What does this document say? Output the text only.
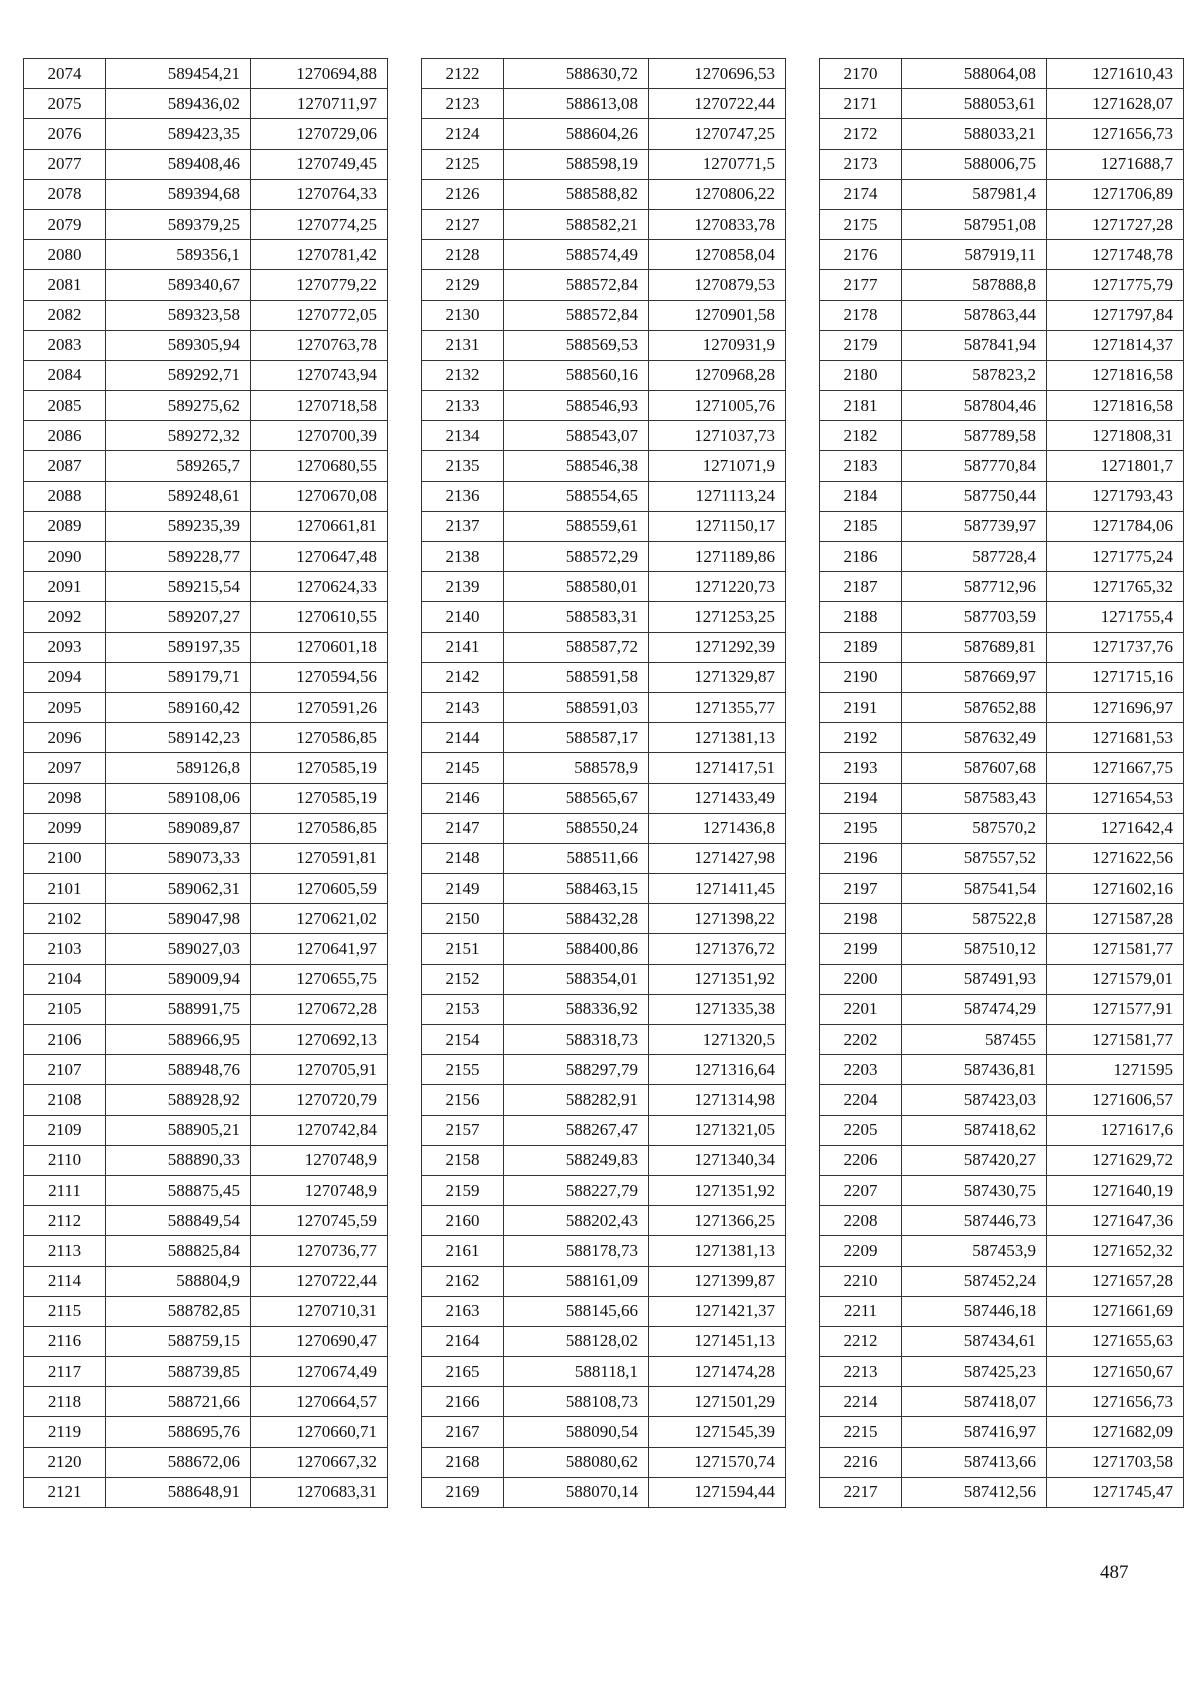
2074	589454,21	1270694,88
2075	589436,02	1270711,97
2076	589423,35	1270729,06
2077	589408,46	1270749,45
2078	589394,68	1270764,33
2079	589379,25	1270774,25
2080	589356,1	1270781,42
2081	589340,67	1270779,22
2082	589323,58	1270772,05
2083	589305,94	1270763,78
2084	589292,71	1270743,94
2085	589275,62	1270718,58
2086	589272,32	1270700,39
2087	589265,7	1270680,55
2088	589248,61	1270670,08
2089	589235,39	1270661,81
2090	589228,77	1270647,48
2091	589215,54	1270624,33
2092	589207,27	1270610,55
2093	589197,35	1270601,18
2094	589179,71	1270594,56
2095	589160,42	1270591,26
2096	589142,23	1270586,85
2097	589126,8	1270585,19
2098	589108,06	1270585,19
2099	589089,87	1270586,85
2100	589073,33	1270591,81
2101	589062,31	1270605,59
2102	589047,98	1270621,02
2103	589027,03	1270641,97
2104	589009,94	1270655,75
2105	588991,75	1270672,28
2106	588966,95	1270692,13
2107	588948,76	1270705,91
2108	588928,92	1270720,79
2109	588905,21	1270742,84
2110	588890,33	1270748,9
2111	588875,45	1270748,9
2112	588849,54	1270745,59
2113	588825,84	1270736,77
2114	588804,9	1270722,44
2115	588782,85	1270710,31
2116	588759,15	1270690,47
2117	588739,85	1270674,49
2118	588721,66	1270664,57
2119	588695,76	1270660,71
2120	588672,06	1270667,32
2121	588648,91	1270683,31
2122	588630,72	1270696,53
2123	588613,08	1270722,44
2124	588604,26	1270747,25
2125	588598,19	1270771,5
2126	588588,82	1270806,22
2127	588582,21	1270833,78
2128	588574,49	1270858,04
2129	588572,84	1270879,53
2130	588572,84	1270901,58
2131	588569,53	1270931,9
2132	588560,16	1270968,28
2133	588546,93	1271005,76
2134	588543,07	1271037,73
2135	588546,38	1271071,9
2136	588554,65	1271113,24
2137	588559,61	1271150,17
2138	588572,29	1271189,86
2139	588580,01	1271220,73
2140	588583,31	1271253,25
2141	588587,72	1271292,39
2142	588591,58	1271329,87
2143	588591,03	1271355,77
2144	588587,17	1271381,13
2145	588578,9	1271417,51
2146	588565,67	1271433,49
2147	588550,24	1271436,8
2148	588511,66	1271427,98
2149	588463,15	1271411,45
2150	588432,28	1271398,22
2151	588400,86	1271376,72
2152	588354,01	1271351,92
2153	588336,92	1271335,38
2154	588318,73	1271320,5
2155	588297,79	1271316,64
2156	588282,91	1271314,98
2157	588267,47	1271321,05
2158	588249,83	1271340,34
2159	588227,79	1271351,92
2160	588202,43	1271366,25
2161	588178,73	1271381,13
2162	588161,09	1271399,87
2163	588145,66	1271421,37
2164	588128,02	1271451,13
2165	588118,1	1271474,28
2166	588108,73	1271501,29
2167	588090,54	1271545,39
2168	588080,62	1271570,74
2169	588070,14	1271594,44
2170	588064,08	1271610,43
2171	588053,61	1271628,07
2172	588033,21	1271656,73
2173	588006,75	1271688,7
2174	587981,4	1271706,89
2175	587951,08	1271727,28
2176	587919,11	1271748,78
2177	587888,8	1271775,79
2178	587863,44	1271797,84
2179	587841,94	1271814,37
2180	587823,2	1271816,58
2181	587804,46	1271816,58
2182	587789,58	1271808,31
2183	587770,84	1271801,7
2184	587750,44	1271793,43
2185	587739,97	1271784,06
2186	587728,4	1271775,24
2187	587712,96	1271765,32
2188	587703,59	1271755,4
2189	587689,81	1271737,76
2190	587669,97	1271715,16
2191	587652,88	1271696,97
2192	587632,49	1271681,53
2193	587607,68	1271667,75
2194	587583,43	1271654,53
2195	587570,2	1271642,4
2196	587557,52	1271622,56
2197	587541,54	1271602,16
2198	587522,8	1271587,28
2199	587510,12	1271581,77
2200	587491,93	1271579,01
2201	587474,29	1271577,91
2202	587455	1271581,77
2203	587436,81	1271595
2204	587423,03	1271606,57
2205	587418,62	1271617,6
2206	587420,27	1271629,72
2207	587430,75	1271640,19
2208	587446,73	1271647,36
2209	587453,9	1271652,32
2210	587452,24	1271657,28
2211	587446,18	1271661,69
2212	587434,61	1271655,63
2213	587425,23	1271650,67
2214	587418,07	1271656,73
2215	587416,97	1271682,09
2216	587413,66	1271703,58
2217	587412,56	1271745,47
487
